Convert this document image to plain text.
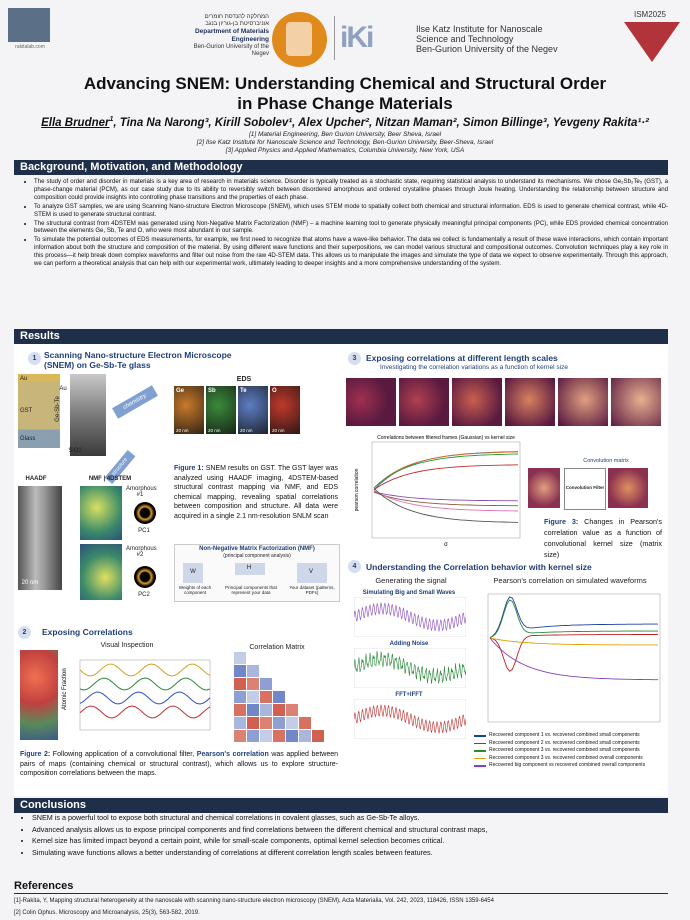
rakitalab.com
המחלקה להנדסת חומרים
אוניברסיטת בן-גוריון בנגב
Department of Materials Engineering
Ben-Gurion University of the Negev iKi	Ilse Katz Institute for Nanoscale
Science and Technology
Ben-Gurion University of the Negev
ISM2025
Advancing SNEM: Understanding Chemical and Structural Order
in Phase Change Materials
Ella Brudner$^1$, Tina Na Narong³, Kirill Sobolev¹, Alex Upcher², Nitzan Maman², Simon Billinge³, Yevgeny Rakita¹·²
[1] Material Engineering, Ben Gurion University, Beer Sheva, Israel
[2] Ilse Katz Institute for Nanoscale Science and Technology, Ben-Gurion University, Beer-Sheva, Israel
[3] Applied Physics and Applied Mathematics, Columbia University, New York, USA
Background, Motivation, and Methodology
• The study of order and disorder in materials is a key area of research in materials science. Disorder is typically treated as a stochastic state, requiring statistical analysis to understand its mechanisms. We chose Ge₂Sb₂Te₅ (GST), a phase-change material (PCM), as our case study due to its ability to reversibly switch between disordered amorphous and ordered crystalline phases through Joule heating. Understanding the relationship between structure and composition could provide insights into controlling phase transitions and the properties of each phase.
• To analyze GST samples, we are using Scanning Nano-structure Electron Microscope (SNEM), which uses STEM mode to spatially collect both chemical and structural information. EDS is used to generate chemical contrast, while 4D-STEM is used to generate structural contrast.
• The structural contrast from 4DSTEM was generated using Non-Negative Matrix Factorization (NMF) – a machine learning tool to generate physically meaningful principal components (PC), while EDS provided chemical concentration between the elements Ge, Sb, Te and O, who were most abundant in our sample.
• To simulate the potential outcomes of EDS measurements, for example, we first need to recognize that atoms have a wave-like behavior. The data we collect is fundamentally a result of these wave interactions, which contain important information about both the structure and composition of the material. By using different wave functions and their superpositions, we can model various structural and compositional outcomes. Convolution techniques play a key role in this process—it help break down complex waveforms and filter out noise from the raw 4D-STEM data. This allows us to manipulate the images and simulate the type of data we expect to observe experimentally. Through this approach, we can perform a theoretical analysis that can help with our experimental work, ultimately leading to deeper insights and a more comprehensive understanding of the system.
Results
1 Scanning Nano-structure Electron Microscope
(SNEM) on Ge-Sb-Te glass
Au
GST
Glass
Au
Ge-Sb-Te
SiO2
chemistry
structure
EDS
Ge
20 nm
Sb
20 nm
Te
20 nm
O
20 nm
HAADF
20 nm
NMF | 4DSTEM
Amorphous #1
Amorphous #2
PC1
PC2
Figure 1: SNEM results on GST. The GST layer was analyzed using HAADF imaging, 4DSTEM-based structural contrast mapping via NMF, and EDS chemical mapping, revealing spatial correlations between composition and structure. All data were acquired in a single 2.1 nm-resolution SNLM scan
Non-Negative Matrix Factorization (NMF)
(principal component analysis)
W
H
V
Weights of each component
Principal components that represent your data
Your dataset (patterns, PDFs)
2	Exposing Correlations
Visual Inspection	Correlation Matrix
Atomic Fraction
Figure 2: Following application of a convolutional filter, Pearson's correlation was applied between pairs of maps (containing chemical or structural contrast), which allows us to explore structure-composition correlations between the maps.
3	Exposing correlations at different length scales
Investigating the correlation variations as a function of kernel size
Correlations between filtered frames (Gaussian) vs kernel size
pearson correlation
σ
Convolution matrix
Convolution Filter
Figure 3: Changes in Pearson's correlation value as a function of convolutional kernel size (matrix size)
4	Understanding the Correlation behavior with kernel size
Generating the signal	Pearson's correlation on simulated waveforms
Simulating Big and Small Waves
Adding Noise
FFT+IFFT
Recovered component 1 vs. recovered combined small components
Recovered component 2 vs. recovered combined small components
Recovered component 3 vs. recovered combined small components
Recovered component 3 vs. recovered combined overall components
Recovered big component vs recovered combined overall components
Conclusions
• SNEM is a powerful tool to expose both structural and chemical correlations in covalent glasses, such as Ge-Sb-Te alloys.
• Advanced analysis allows us to expose principal components and find correlations between the different chemical and structural contrast maps,
• Kernel size has limited impact beyond a certain point, while for small-scale components, optimal kernel selection becomes critical.
• Simulating wave functions allows a better understanding of correlations at different correlation length scales between features.
References
[1]-Rakita, Y, Mapping structural heterogeneity at the nanoscale with scanning nano-structure electron microscopy (SNEM), Acta Materialia, Vol. 242, 2023, 118426, ISSN 1359-6454
[2] Colin Ophus. Microscopy and Microanalysis, 25(3), 563-582, 2019.
